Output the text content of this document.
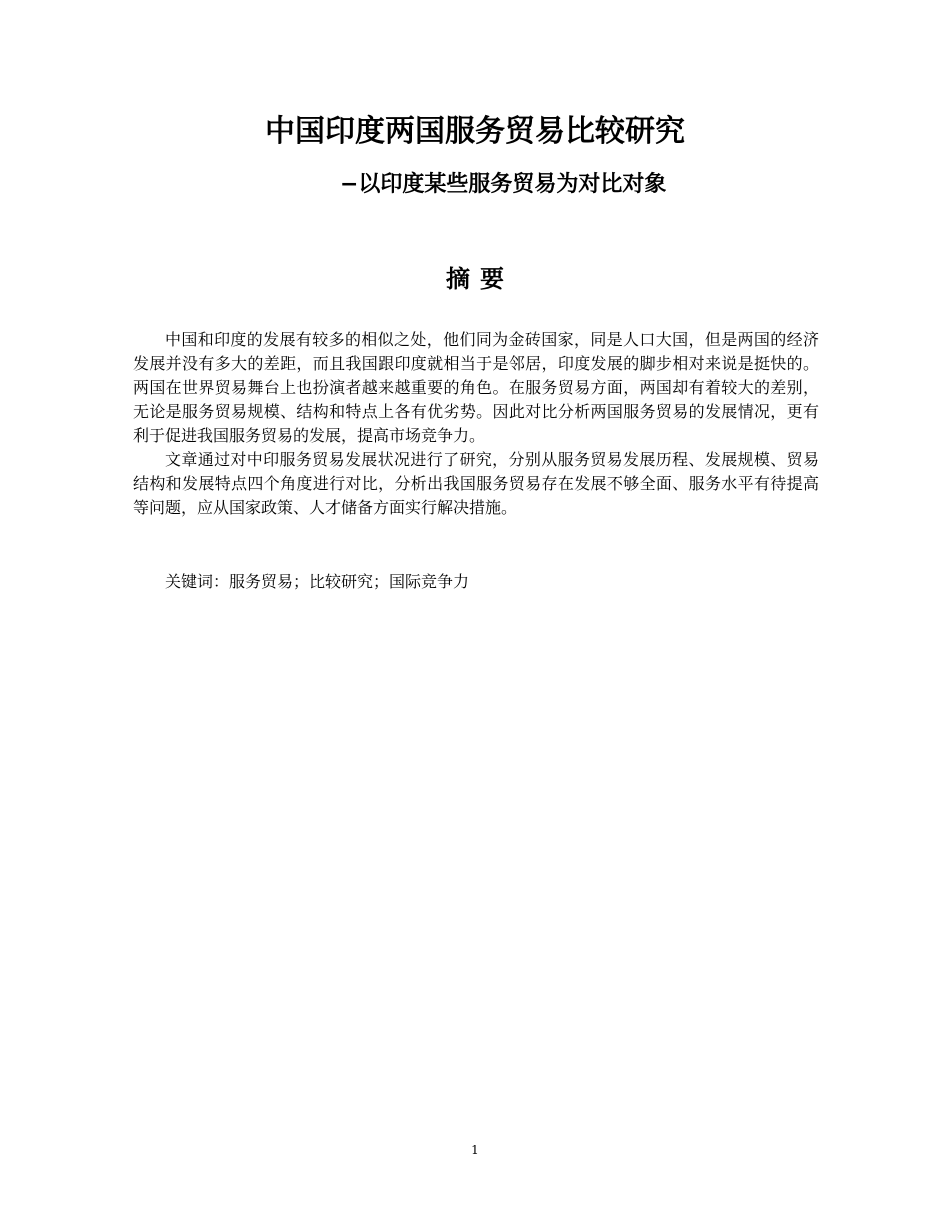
中国印度两国服务贸易比较研究
−以印度某些服务贸易为对比对象
摘要

中国和印度的发展有较多的相似之处，他们同为金砖国家，同是人口大国，但是两国的经济发展并没有多大的差距，而且我国跟印度就相当于是邻居，印度发展的脚步相对来说是挺快的。两国在世界贸易舞台上也扮演者越来越重要的角色。在服务贸易方面，两国却有着较大的差别，无论是服务贸易规模、结构和特点上各有优劣势。因此对比分析两国服务贸易的发展情况，更有利于促进我国服务贸易的发展，提高市场竞争力。

文章通过对中印服务贸易发展状况进行了研究，分别从服务贸易发展历程、发展规模、贸易结构和发展特点四个角度进行对比，分析出我国服务贸易存在发展不够全面、服务水平有待提高等问题，应从国家政策、人才储备方面实行解决措施。

关键词：服务贸易；比较研究；国际竞争力

1
